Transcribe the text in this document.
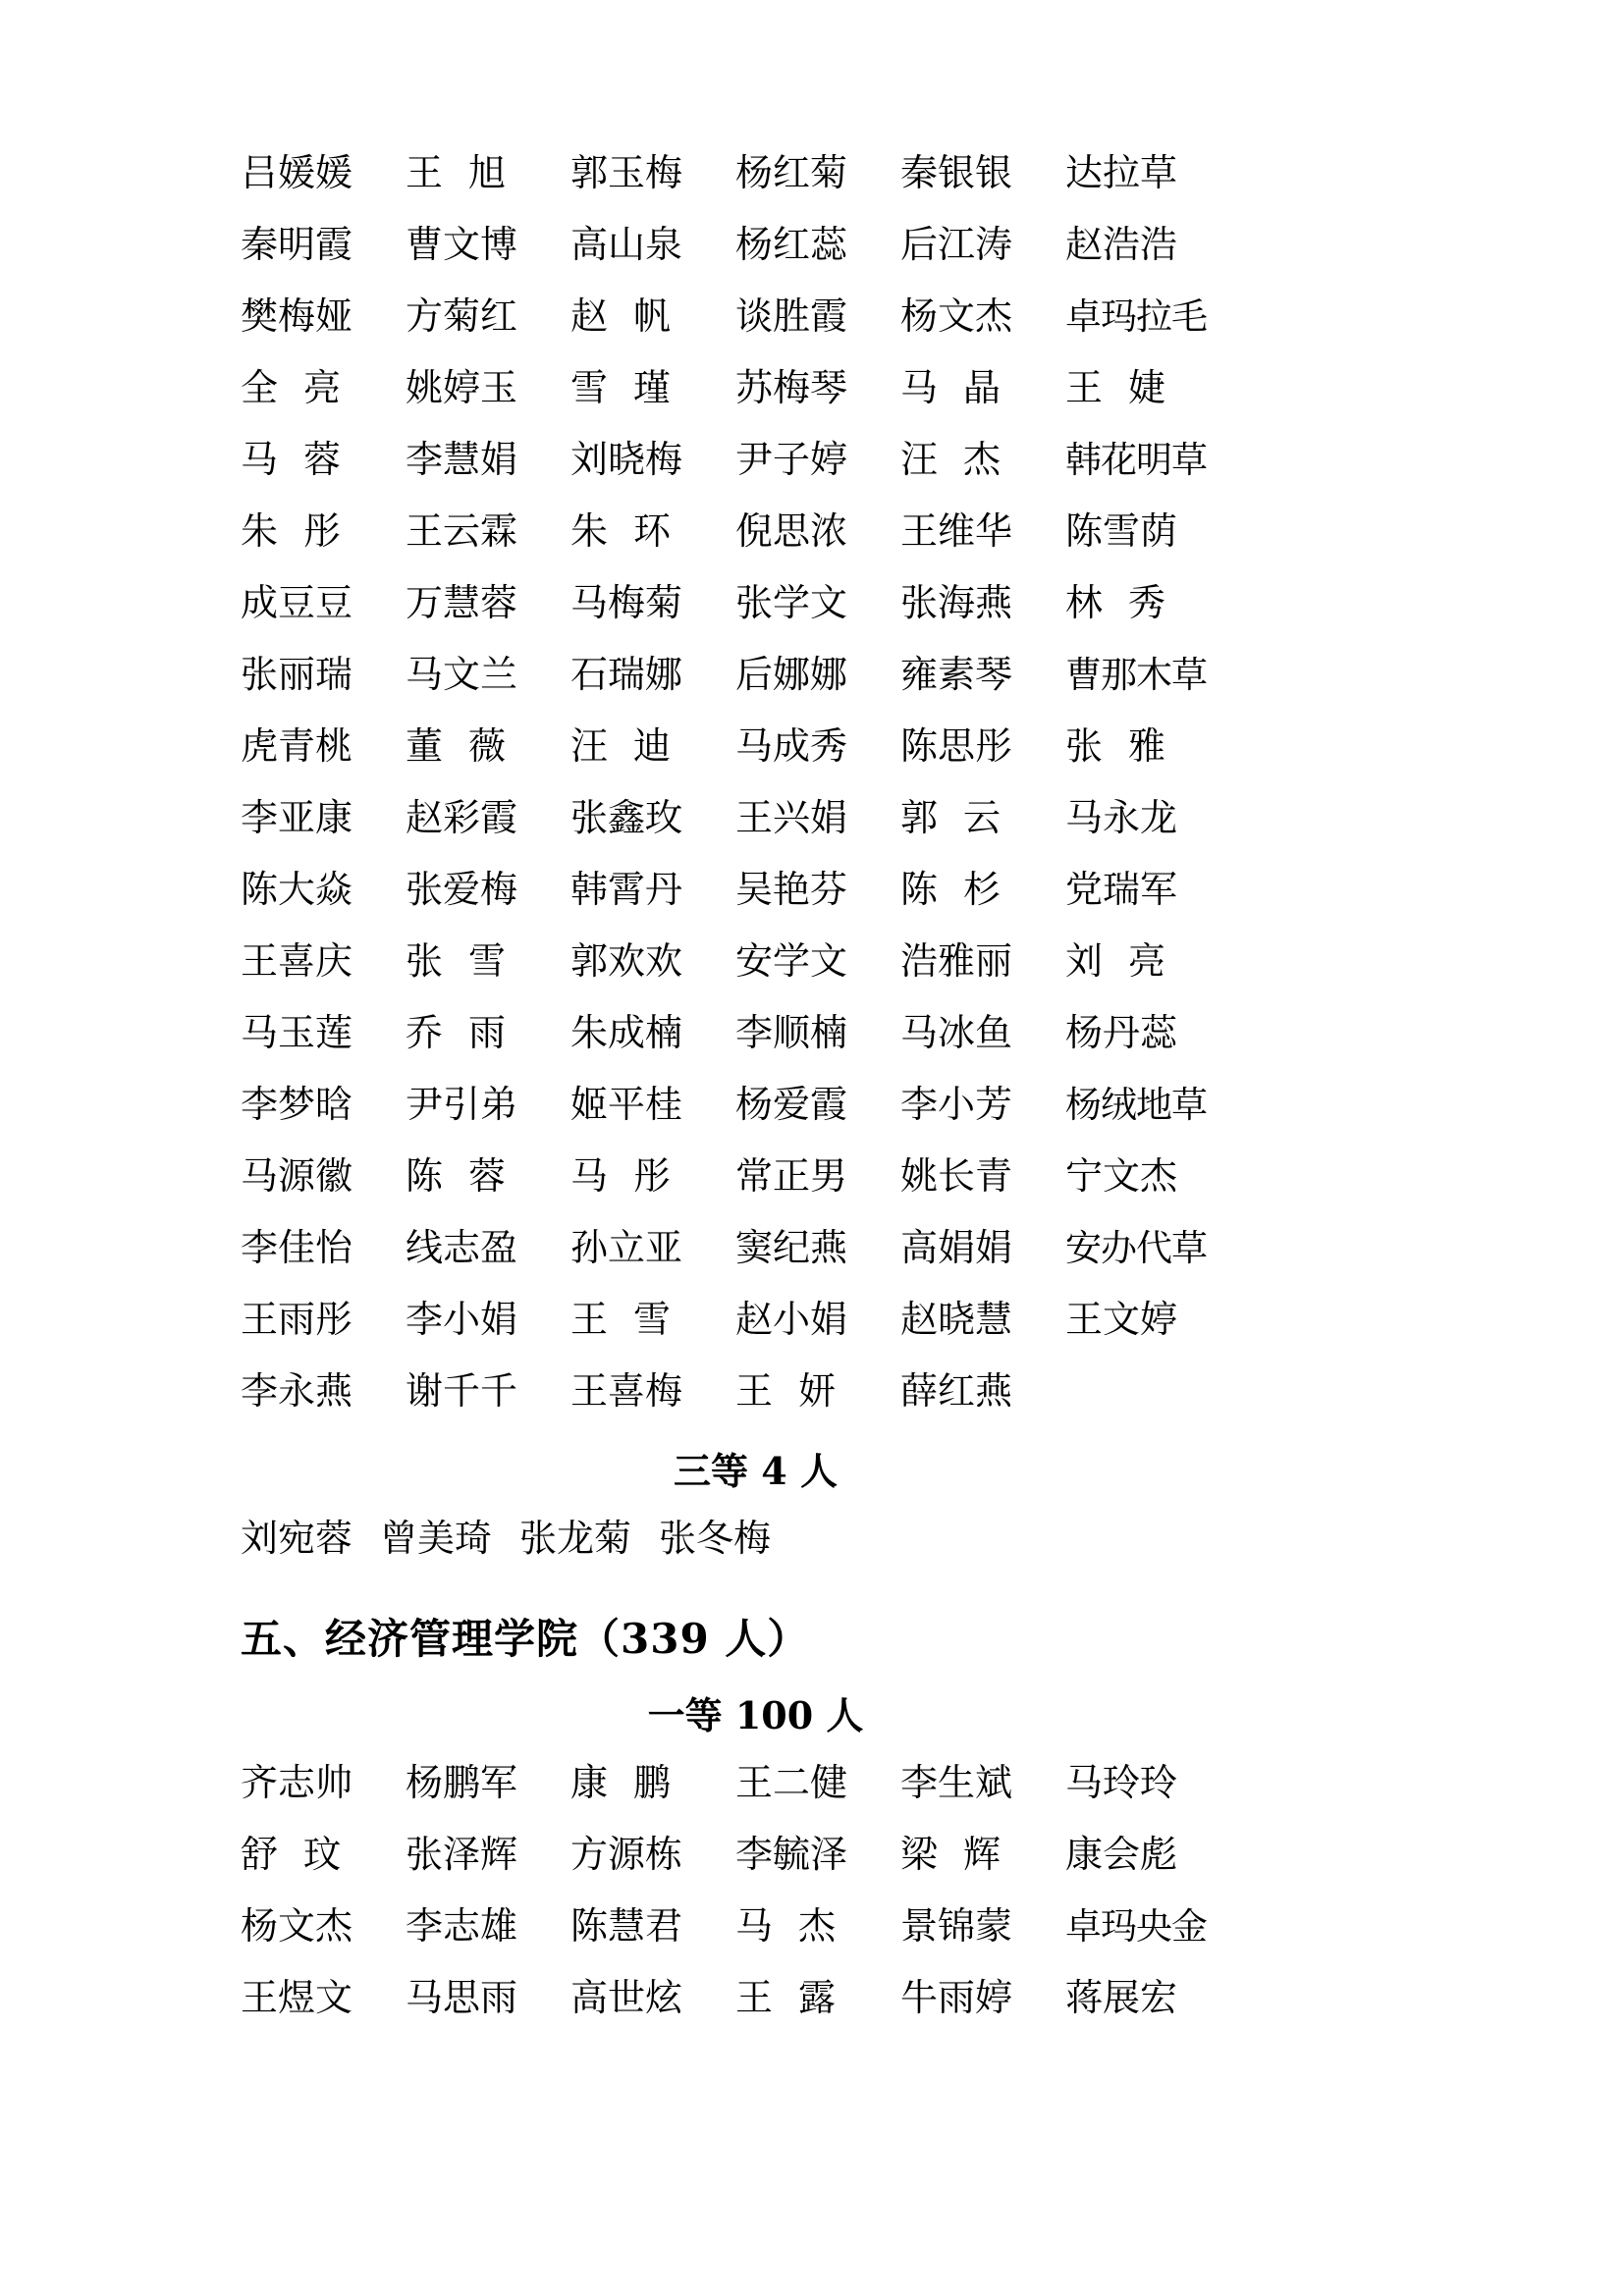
吕媛媛	王旭	郭玉梅	杨红菊	秦银银	达拉草
秦明霞	曹文博	高山泉	杨红蕊	后江涛	赵浩浩
樊梅娅	方菊红	赵帆	谈胜霞	杨文杰	卓玛拉毛
全亮	姚婷玉	雪瑾	苏梅琴	马晶	王婕
马蓉	李慧娟	刘晓梅	尹子婷	汪杰	韩花明草
朱彤	王云霖	朱环	倪思浓	王维华	陈雪荫
成豆豆	万慧蓉	马梅菊	张学文	张海燕	林秀
张丽瑞	马文兰	石瑞娜	后娜娜	雍素琴	曹那木草
虎青桃	董薇	汪迪	马成秀	陈思彤	张雅
李亚康	赵彩霞	张鑫玫	王兴娟	郭云	马永龙
陈大焱	张爱梅	韩霄丹	吴艳芬	陈杉	党瑞军
王喜庆	张雪	郭欢欢	安学文	浩雅丽	刘亮
马玉莲	乔雨	朱成楠	李顺楠	马冰鱼	杨丹蕊
李梦晗	尹引弟	姬平桂	杨爱霞	李小芳	杨绒地草
马源徽	陈蓉	马彤	常正男	姚长青	宁文杰
李佳怡	线志盈	孙立亚	窦纪燕	高娟娟	安办代草
王雨彤	李小娟	王雪	赵小娟	赵晓慧	王文婷
李永燕	谢千千	王喜梅	王妍	薛红燕
三等 4 人
刘宛蓉 曾美琦 张龙菊 张冬梅
五、经济管理学院（339 人）
一等 100 人
齐志帅	杨鹏军	康鹏	王二健	李生斌	马玲玲
舒玟	张泽辉	方源栋	李毓泽	梁辉	康会彪
杨文杰	李志雄	陈慧君	马杰	景锦蒙	卓玛央金
王煜文	马思雨	高世炫	王露	牛雨婷	蒋展宏
